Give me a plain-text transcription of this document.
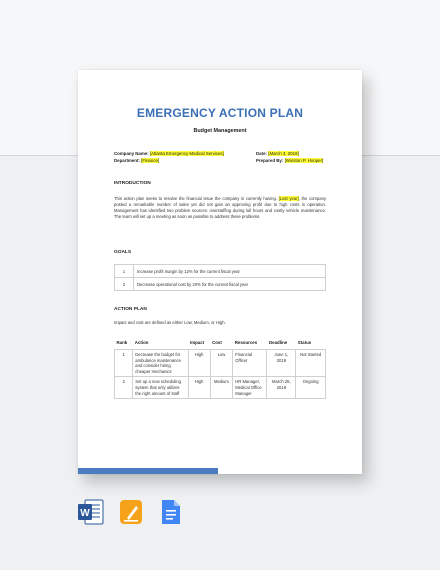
EMERGENCY ACTION PLAN
Budget Management
Company Name: [Atlanta Emergency Medical Services]
Department: [Finance]
Date: [March 3, 2019]
Prepared By: [Winston P. Hooper]
INTRODUCTION
This action plan seeks to resolve the financial issue the company is currently having. [Last year], the company posted a remarkable number of sales yet did not gain an approving profit due to high costs in operation. Management has identified two problem sources: overstaffing during lull hours and costly vehicle maintenance. The team will set up a meeting as soon as possible to address these problems.
GOALS
1	Increase profit margin by 12% for the current fiscal year
2	Decrease operational cost by 20% for the current fiscal year
ACTION PLAN
Impact and cost are defined as either Low, Medium, or High.
Rank	Action	Impact	Cost	Resources	Deadline	Status
1	Decrease the budget for ambulance maintenance and consider hiring cheaper mechanics	High	Low	Financial Officer	June 1, 2019	Not Started
2	Set up a new scheduling system that only utilizes the right amount of staff	High	Medium	HR Manager, Medical Office Manager	March 25, 2019	Ongoing
W
